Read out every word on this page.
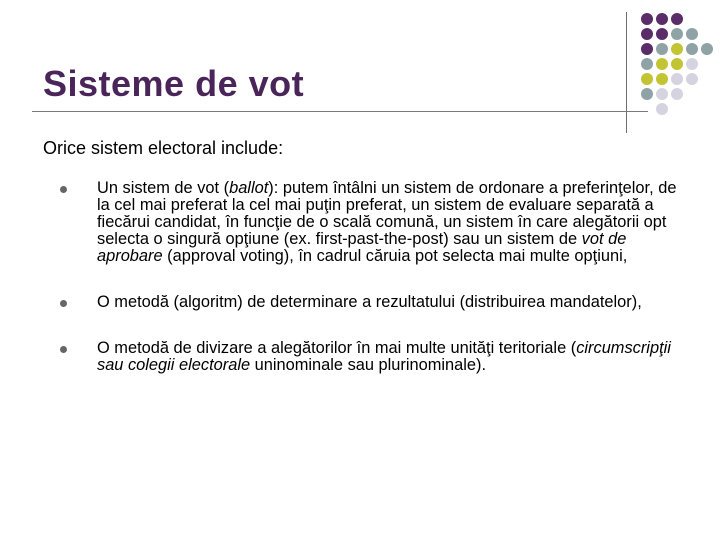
Sisteme de vot
Orice sistem electoral include:
Un sistem de vot (ballot): putem întâlni un sistem de ordonare a preferinţelor, de la cel mai preferat la cel mai puţin preferat, un sistem de evaluare separată a fiecărui candidat, în funcţie de o scală comună, un sistem în care alegătorii opt selecta o singură opţiune (ex. first-past-the-post) sau un sistem de vot de aprobare (approval voting), în cadrul căruia pot selecta mai multe opţiuni,
O metodă (algoritm) de determinare a rezultatului (distribuirea mandatelor),
O metodă de divizare a alegătorilor în mai multe unităţi teritoriale (circumscripţii sau colegii electorale uninominale sau plurinominale).
